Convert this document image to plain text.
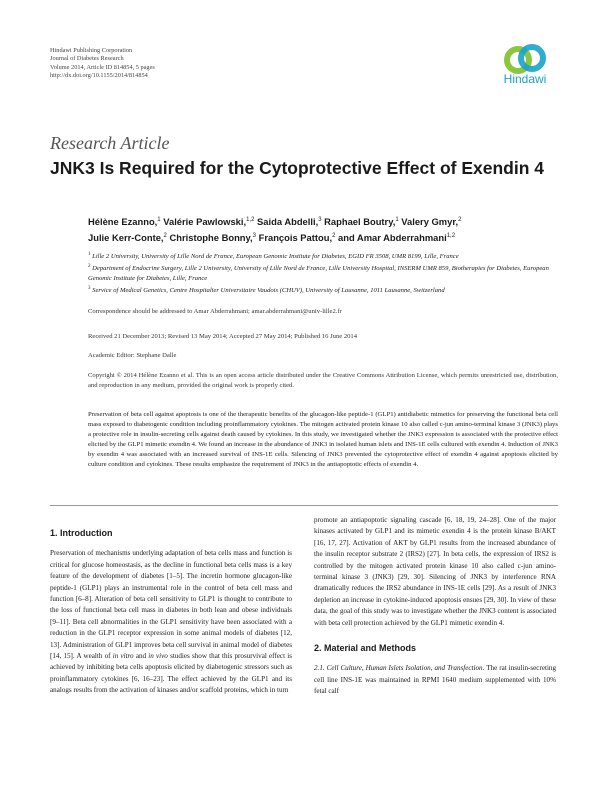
Hindawi Publishing Corporation
Journal of Diabetes Research
Volume 2014, Article ID 814854, 5 pages
http://dx.doi.org/10.1155/2014/814854	Hindawi
Research Article
JNK3 Is Required for the Cytoprotective Effect of Exendin 4
Hélène Ezanno,$^1$ Valérie Pawlowski,$^{1,2}$ Saida Abdelli,$^3$ Raphael Boutry,$^1$ Valery Gmyr,$^2$
Julie Kerr-Conte,$^2$ Christophe Bonny,$^3$ François Pattou,$^2$ and Amar Abderrahmani$^{1,2}$

$^1$ Lille 2 University, University of Lille Nord de France, European Genomic Institute for Diabetes, EGID FR 3508, UMR 8199, Lille, France

$^2$ Department of Endocrine Surgery, Lille 2 University, University of Lille Nord de France, Lille University Hospital, INSERM UMR 859, Biotherapies for Diabetes, European Genomic Institute for Diabetes, Lille, France

$^3$ Service of Medical Genetics, Centre Hospitalier Universitaire Vaudois (CHUV), University of Lausanne, 1011 Lausanne, Switzerland

Correspondence should be addressed to Amar Abderrahmani; amar.abderrahmani@univ-lille2.fr
Received 21 December 2013; Revised 13 May 2014; Accepted 27 May 2014; Published 16 June 2014
Academic Editor: Stephane Dalle
Copyright © 2014 Hélène Ezanno et al. This is an open access article distributed under the Creative Commons Attribution License, which permits unrestricted use, distribution, and reproduction in any medium, provided the original work is properly cited.
Preservation of beta cell against apoptosis is one of the therapeutic benefits of the glucagon-like peptide-1 (GLP1) antidiabetic mimetics for preserving the functional beta cell mass exposed to diabetogenic condition including proinflammatory cytokines. The mitogen activated protein kinase 10 also called c-jun amino-terminal kinase 3 (JNK3) plays a protective role in insulin-secreting cells against death caused by cytokines. In this study, we investigated whether the JNK3 expression is associated with the protective effect elicited by the GLP1 mimetic exendin 4. We found an increase in the abundance of JNK3 in isolated human islets and INS-1E cells cultured with exendin 4. Induction of JNK3 by exendin 4 was associated with an increased survival of INS-1E cells. Silencing of JNK3 prevented the cytoprotective effect of exendin 4 against apoptosis elicited by culture condition and cytokines. These results emphasize the requirement of JNK3 in the antiapoptotic effects of exendin 4.

1. Introduction

Preservation of mechanisms underlying adaptation of beta cells mass and function is critical for glucose homeostasis, as the decline in functional beta cells mass is a key feature of the development of diabetes [1–5]. The incretin hormone glucagon-like peptide-1 (GLP1) plays an instrumental role in the control of beta cell mass and function [6–8]. Alteration of beta cell sensitivity to GLP1 is thought to contribute to the loss of functional beta cell mass in diabetes in both lean and obese individuals [9–11]. Beta cell abnormalities in the GLP1 sensitivity have been associated with a reduction in the GLP1 receptor expression in some animal models of diabetes [12, 13]. Administration of GLP1 improves beta cell survival in animal model of diabetes [14, 15]. A wealth of in vitro and in vivo studies show that this prosurvival effect is achieved by inhibiting beta cells apoptosis elicited by diabetogenic stressors such as proinflammatory cytokines [6, 16–23]. The effect achieved by the GLP1 and its analogs results from the activation of kinases and/or scaffold proteins, which in turn

promote an antiapoptotic signaling cascade [6, 18, 19, 24–28]. One of the major kinases activated by GLP1 and its mimetic exendin 4 is the protein kinase B/AKT [16, 17, 27]. Activation of AKT by GLP1 results from the increased abundance of the insulin receptor substrate 2 (IRS2) [27]. In beta cells, the expression of IRS2 is controlled by the mitogen activated protein kinase 10 also called c-jun amino-terminal kinase 3 (JNK3) [29, 30]. Silencing of JNK3 by interference RNA dramatically reduces the IRS2 abundance in INS-1E cells [29]. As a result of JNK3 depletion an increase in cytokine-induced apoptosis ensues [29, 30]. In view of these data, the goal of this study was to investigate whether the JNK3 content is associated with beta cell protection achieved by the GLP1 mimetic exendin 4.

2. Material and Methods

2.1. Cell Culture, Human Islets Isolation, and Transfection. The rat insulin-secreting cell line INS-1E was maintained in RPMI 1640 medium supplemented with 10% fetal calf
